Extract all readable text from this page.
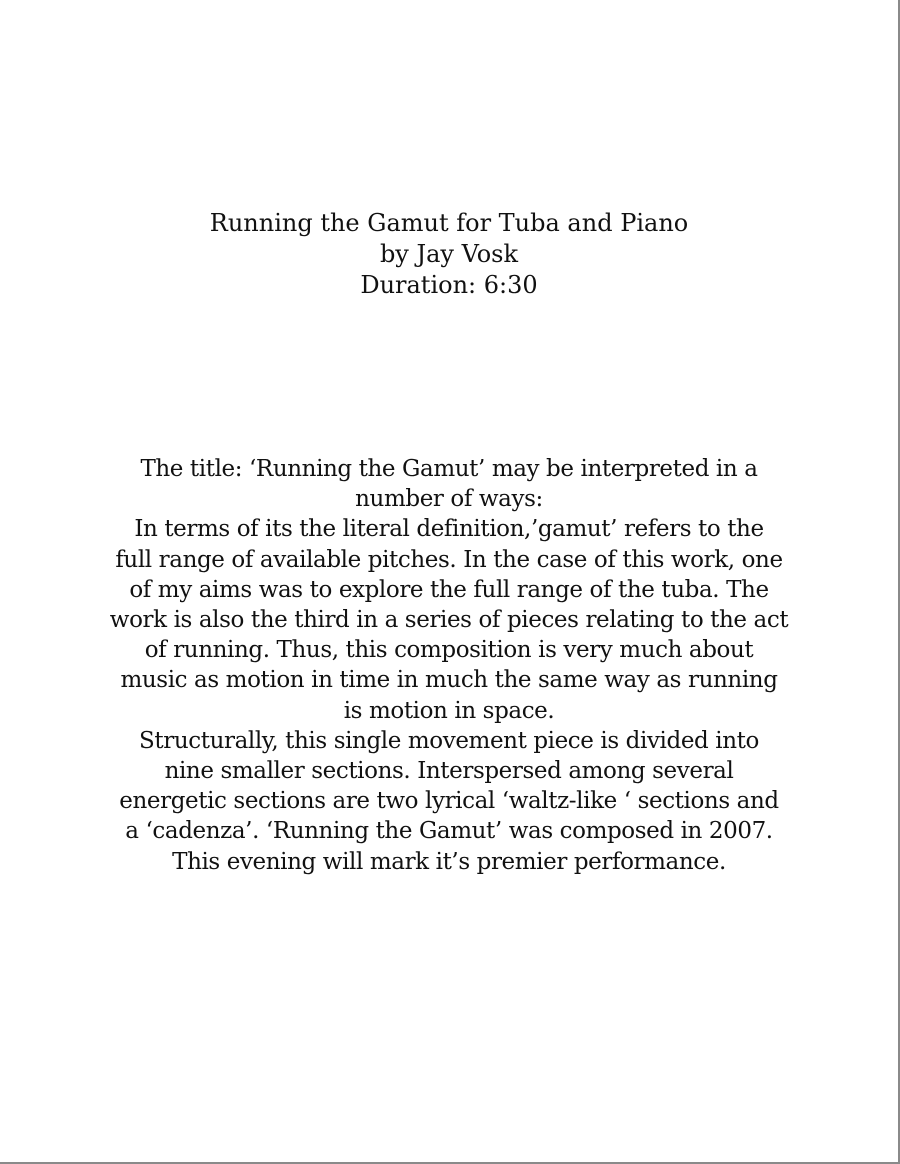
Running the Gamut for Tuba and Piano
by Jay Vosk
Duration: 6:30
The title: ‘Running the Gamut’ may be interpreted in a
number of ways:
In terms of its the literal definition,’gamut’ refers to the
full range of available pitches. In the case of this work, one
of my aims was to explore the full range of the tuba. The
work is also the third in a series of pieces relating to the act
of running. Thus, this composition is very much about
music as motion in time in much the same way as running
is motion in space.
Structurally, this single movement piece is divided into
nine smaller sections. Interspersed among several
energetic sections are two lyrical ‘waltz-like ‘ sections and
a ‘cadenza’. ‘Running the Gamut’ was composed in 2007.
This evening will mark it’s premier performance.
